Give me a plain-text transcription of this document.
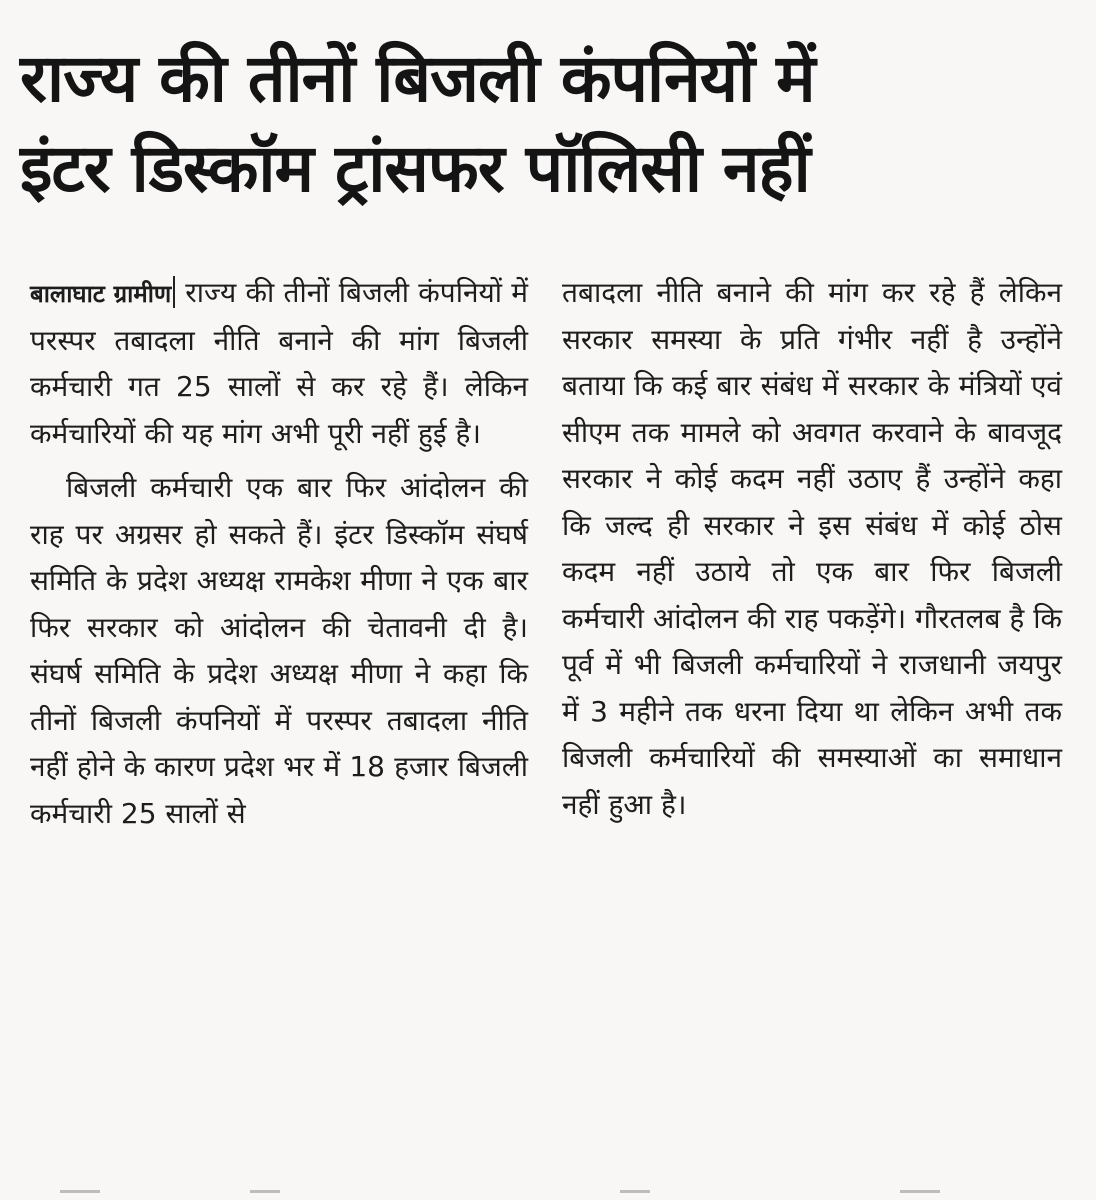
राज्य की तीनों बिजली कंपनियों में
इंटर डिस्कॉम ट्रांसफर पॉलिसी नहीं

बालाघाट ग्रामीण राज्य की तीनों बिजली कंपनियों में परस्पर तबादला नीति बनाने की मांग बिजली कर्मचारी गत 25 सालों से कर रहे हैं। लेकिन कर्मचारियों की यह मांग अभी पूरी नहीं हुई है।

बिजली कर्मचारी एक बार फिर आंदोलन की राह पर अग्रसर हो सकते हैं। इंटर डिस्कॉम संघर्ष समिति के प्रदेश अध्यक्ष रामकेश मीणा ने एक बार फिर सरकार को आंदोलन की चेतावनी दी है। संघर्ष समिति के प्रदेश अध्यक्ष मीणा ने कहा कि तीनों बिजली कंपनियों में परस्पर तबादला नीति नहीं होने के कारण प्रदेश भर में 18 हजार बिजली कर्मचारी 25 सालों से

तबादला नीति बनाने की मांग कर रहे हैं लेकिन सरकार समस्या के प्रति गंभीर नहीं है उन्होंने बताया कि कई बार संबंध में सरकार के मंत्रियों एवं सीएम तक मामले को अवगत करवाने के बावजूद सरकार ने कोई कदम नहीं उठाए हैं उन्होंने कहा कि जल्द ही सरकार ने इस संबंध में कोई ठोस कदम नहीं उठाये तो एक बार फिर बिजली कर्मचारी आंदोलन की राह पकड़ेंगे। गौरतलब है कि पूर्व में भी बिजली कर्मचारियों ने राजधानी जयपुर में 3 महीने तक धरना दिया था लेकिन अभी तक बिजली कर्मचारियों की समस्याओं का समाधान नहीं हुआ है।
